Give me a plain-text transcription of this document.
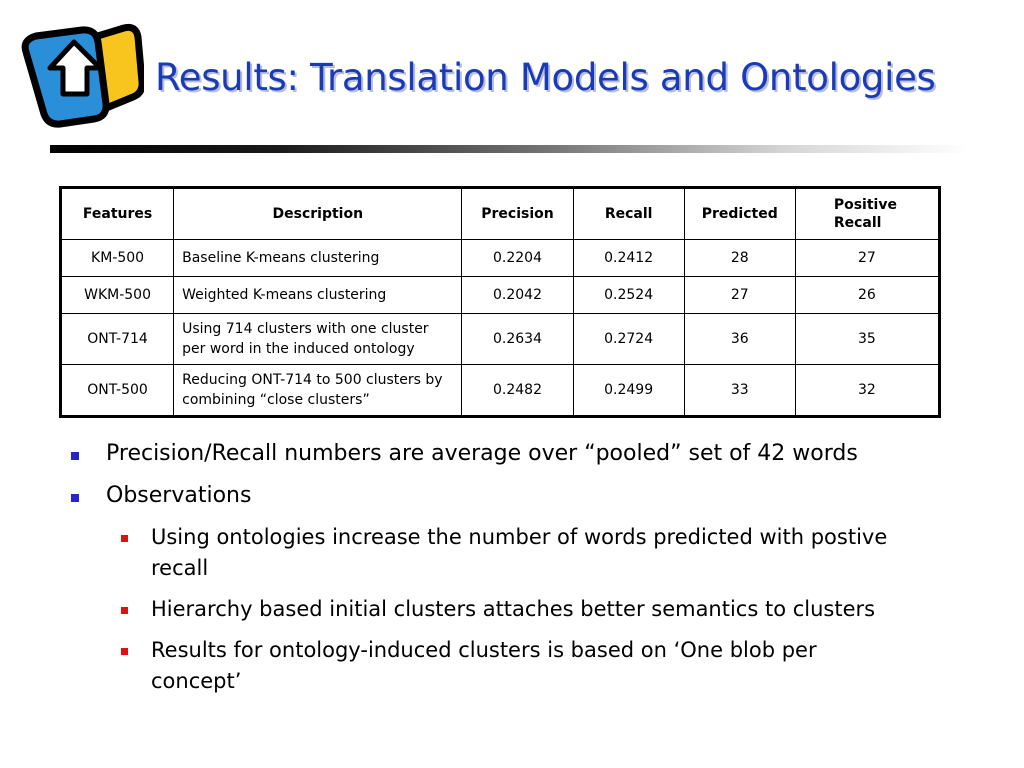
Results: Translation Models and Ontologies
Features	Description	Precision	Recall	Predicted	Positive Recall
KM-500	Baseline K-means clustering	0.2204	0.2412	28	27
WKM-500	Weighted K-means clustering	0.2042	0.2524	27	26
ONT-714	Using 714 clusters with one cluster per word in the induced ontology	0.2634	0.2724	36	35
ONT-500	Reducing ONT-714 to 500 clusters by combining “close clusters”	0.2482	0.2499	33	32
Precision/Recall numbers are average over “pooled” set of 42 words
Observations
Using ontologies increase the number of words predicted with postive recall
Hierarchy based initial clusters attaches better semantics to clusters
Results for ontology-induced clusters is based on ‘One blob per concept’
